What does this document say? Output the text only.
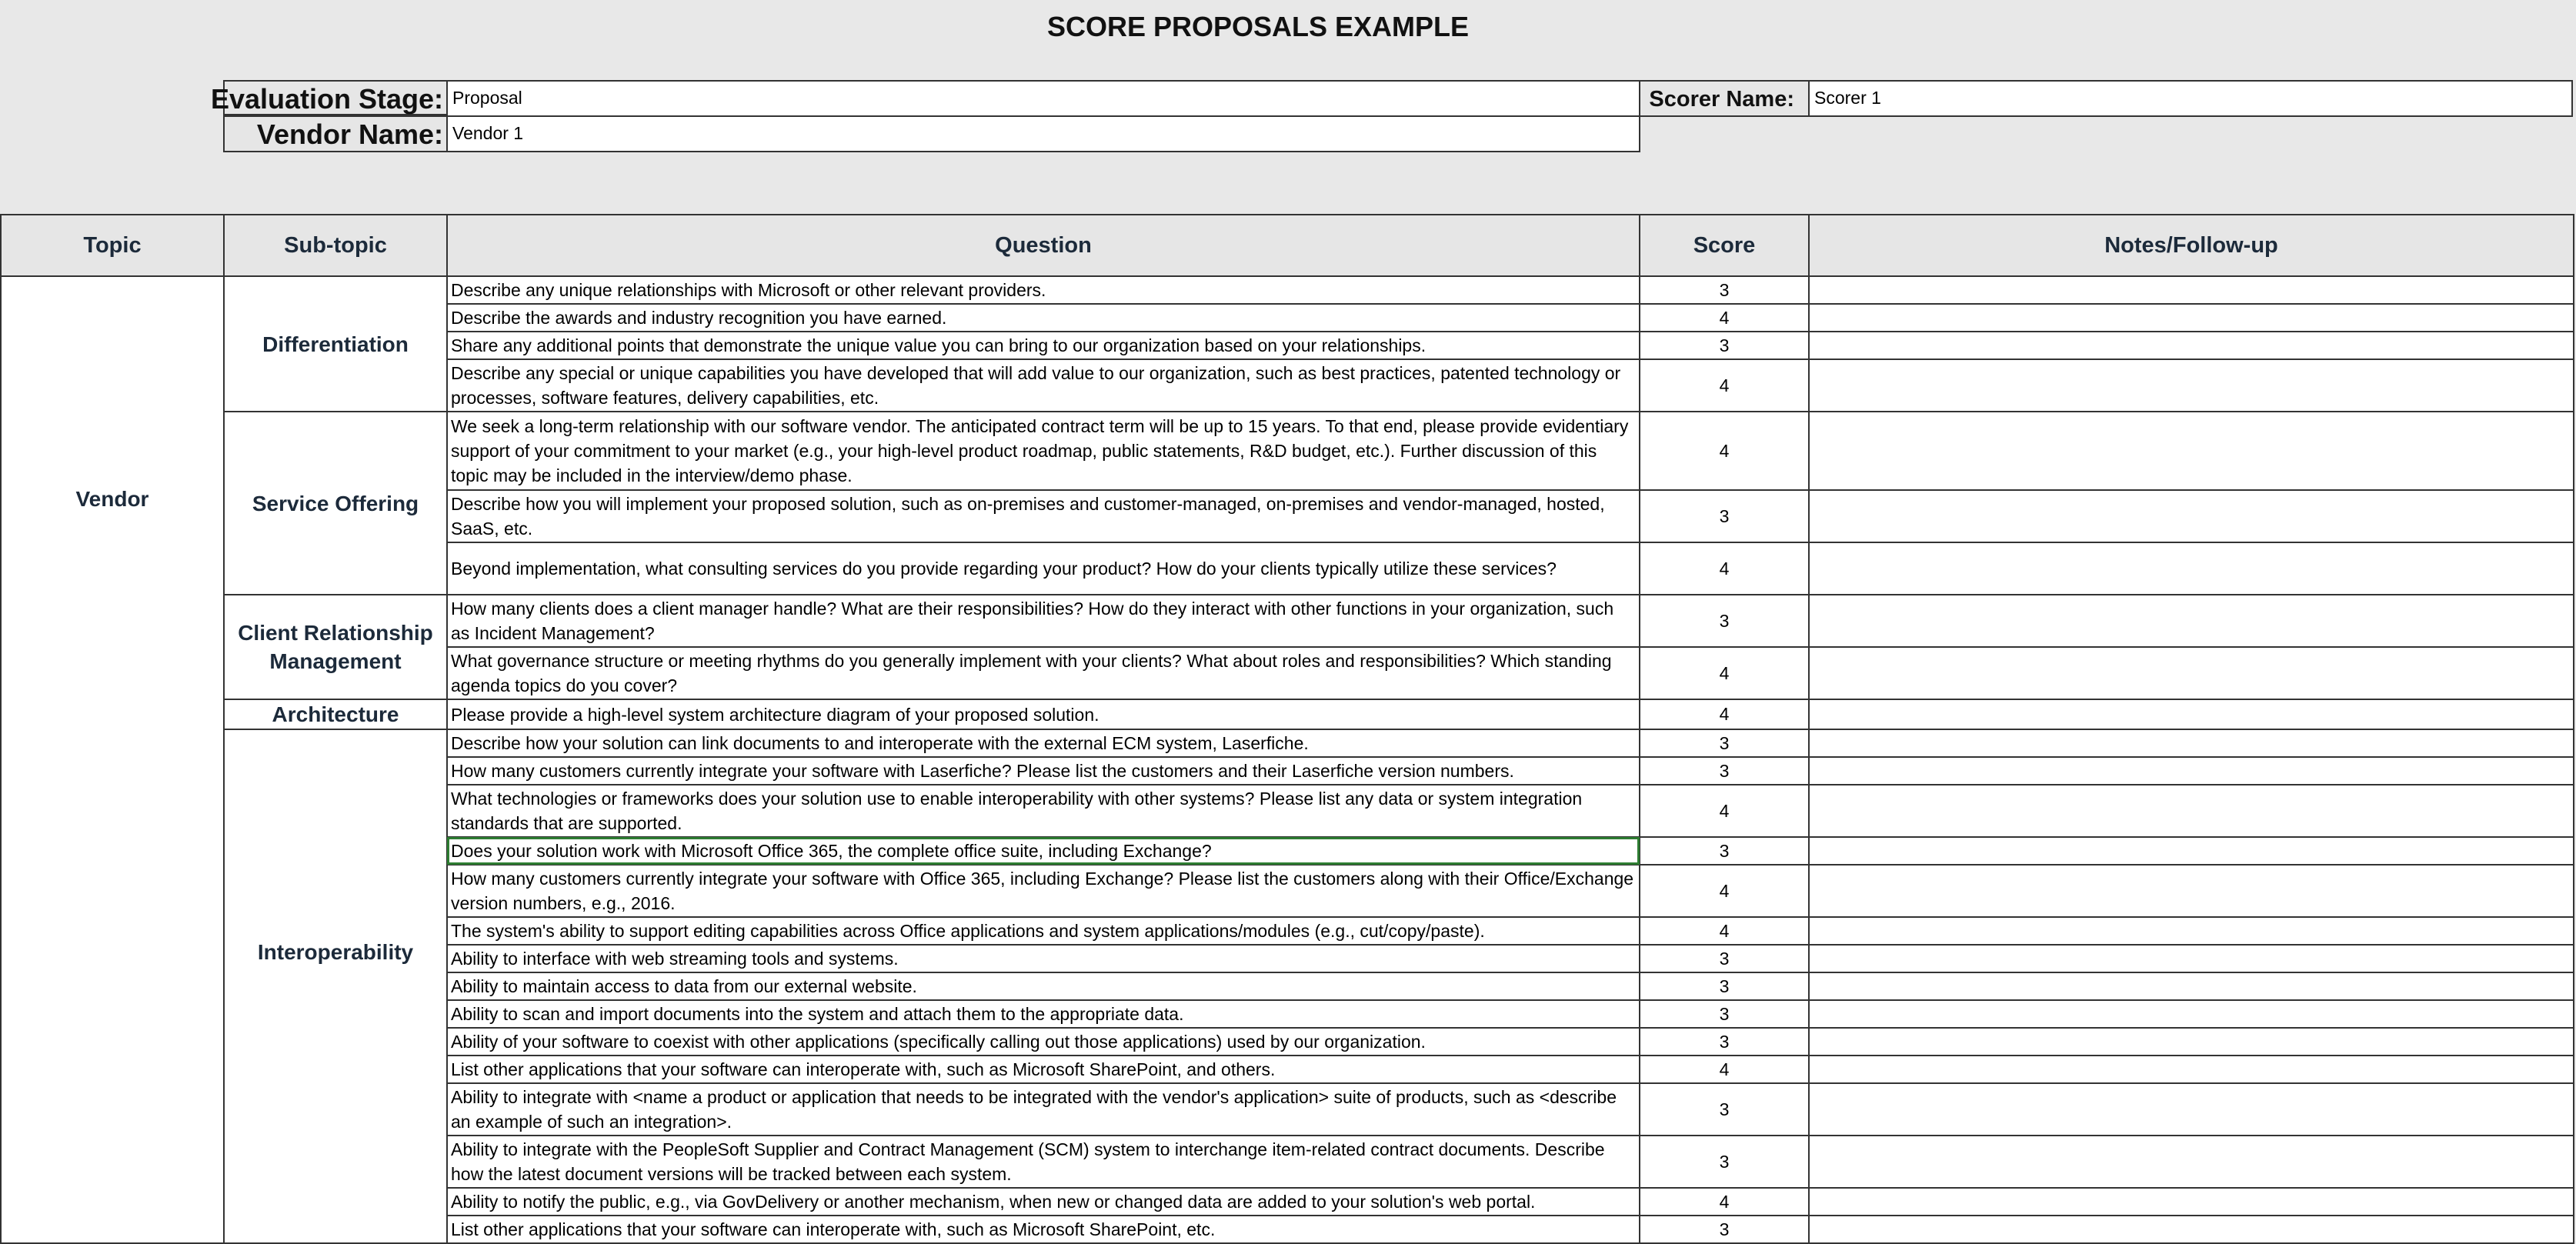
SCORE PROPOSALS EXAMPLE
Evaluation Stage: Proposal
Vendor Name: Vendor 1
Scorer Name:	Scorer 1
Topic	Sub-topic	Question	Score	Notes/Follow-up
Vendor	Differentiation	Describe any unique relationships with Microsoft or other relevant providers.	3	
		Describe the awards and industry recognition you have earned.	4	
		Share any additional points that demonstrate the unique value you can bring to our organization based on your relationships.	3	
		Describe any special or unique capabilities you have developed that will add value to our organization, such as best practices, patented technology or processes, software features, delivery capabilities, etc.	4	
	Service Offering	We seek a long-term relationship with our software vendor. The anticipated contract term will be up to 15 years. To that end, please provide evidentiary support of your commitment to your market (e.g., your high-level product roadmap, public statements, R&D budget, etc.). Further discussion of this topic may be included in the interview/demo phase.	4	
		Describe how you will implement your proposed solution, such as on-premises and customer-managed, on-premises and vendor-managed, hosted, SaaS, etc.	3	
		Beyond implementation, what consulting services do you provide regarding your product? How do your clients typically utilize these services?	4	
	Client Relationship Management	How many clients does a client manager handle? What are their responsibilities? How do they interact with other functions in your organization, such as Incident Management?	3	
		What governance structure or meeting rhythms do you generally implement with your clients? What about roles and responsibilities? Which standing agenda topics do you cover?	4	
	Architecture	Please provide a high-level system architecture diagram of your proposed solution.	4	
	Interoperability	Describe how your solution can link documents to and interoperate with the external ECM system, Laserfiche.	3	
		How many customers currently integrate your software with Laserfiche? Please list the customers and their Laserfiche version numbers.	3	
		What technologies or frameworks does your solution use to enable interoperability with other systems? Please list any data or system integration standards that are supported.	4	
		Does your solution work with Microsoft Office 365, the complete office suite, including Exchange?	3	
		How many customers currently integrate your software with Office 365, including Exchange? Please list the customers along with their Office/Exchange version numbers, e.g., 2016.	4	
		The system's ability to support editing capabilities across Office applications and system applications/modules (e.g., cut/copy/paste).	4	
		Ability to interface with web streaming tools and systems.	3	
		Ability to maintain access to data from our external website.	3	
		Ability to scan and import documents into the system and attach them to the appropriate data.	3	
		Ability of your software to coexist with other applications (specifically calling out those applications) used by our organization.	3	
		List other applications that your software can interoperate with, such as Microsoft SharePoint, and others.	4	
		Ability to integrate with <name a product or application that needs to be integrated with the vendor's application> suite of products, such as <describe an example of such an integration>.	3	
		Ability to integrate with the PeopleSoft Supplier and Contract Management (SCM) system to interchange item-related contract documents. Describe how the latest document versions will be tracked between each system.	3	
		Ability to notify the public, e.g., via GovDelivery or another mechanism, when new or changed data are added to your solution's web portal.	4	
		List other applications that your software can interoperate with, such as Microsoft SharePoint, etc.	3	
